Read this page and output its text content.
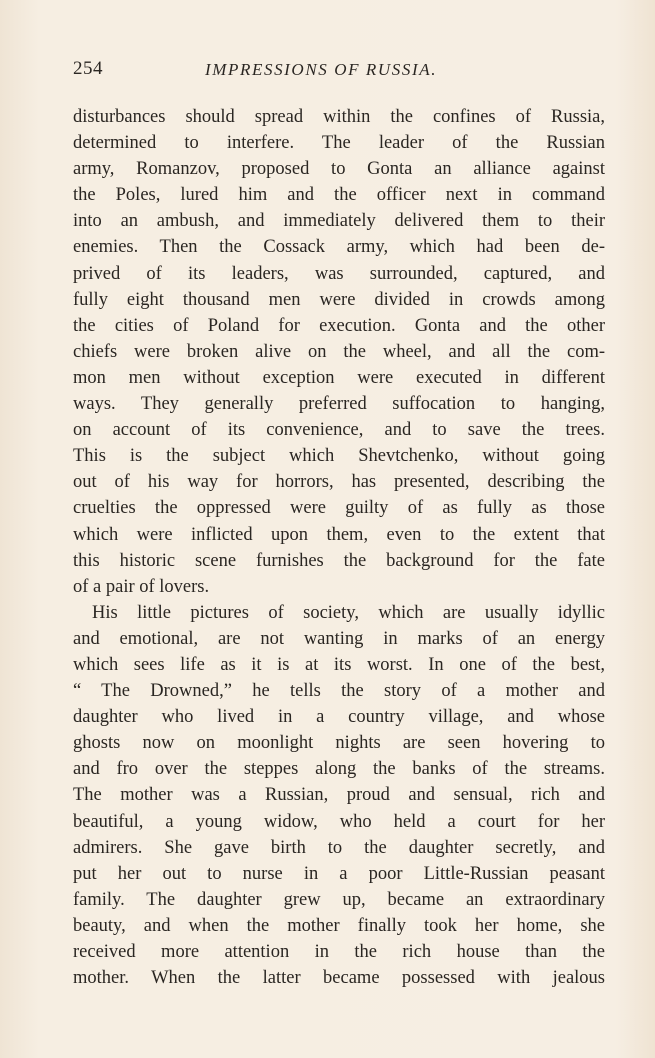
254	IMPRESSIONS OF RUSSIA.
disturbances should spread within the confines of Russia,
determined to interfere. The leader of the Russian
army, Romanzov, proposed to Gonta an alliance against
the Poles, lured him and the officer next in command
into an ambush, and immediately delivered them to their
enemies. Then the Cossack army, which had been de-
prived of its leaders, was surrounded, captured, and
fully eight thousand men were divided in crowds among
the cities of Poland for execution. Gonta and the other
chiefs were broken alive on the wheel, and all the com-
mon men without exception were executed in different
ways. They generally preferred suffocation to hanging,
on account of its convenience, and to save the trees.
This is the subject which Shevtchenko, without going
out of his way for horrors, has presented, describing the
cruelties the oppressed were guilty of as fully as those
which were inflicted upon them, even to the extent that
this historic scene furnishes the background for the fate
of a pair of lovers.
His little pictures of society, which are usually idyllic
and emotional, are not wanting in marks of an energy
which sees life as it is at its worst. In one of the best,
“ The Drowned,” he tells the story of a mother and
daughter who lived in a country village, and whose
ghosts now on moonlight nights are seen hovering to
and fro over the steppes along the banks of the streams.
The mother was a Russian, proud and sensual, rich and
beautiful, a young widow, who held a court for her
admirers. She gave birth to the daughter secretly, and
put her out to nurse in a poor Little-Russian peasant
family. The daughter grew up, became an extraordinary
beauty, and when the mother finally took her home, she
received more attention in the rich house than the
mother. When the latter became possessed with jealous
